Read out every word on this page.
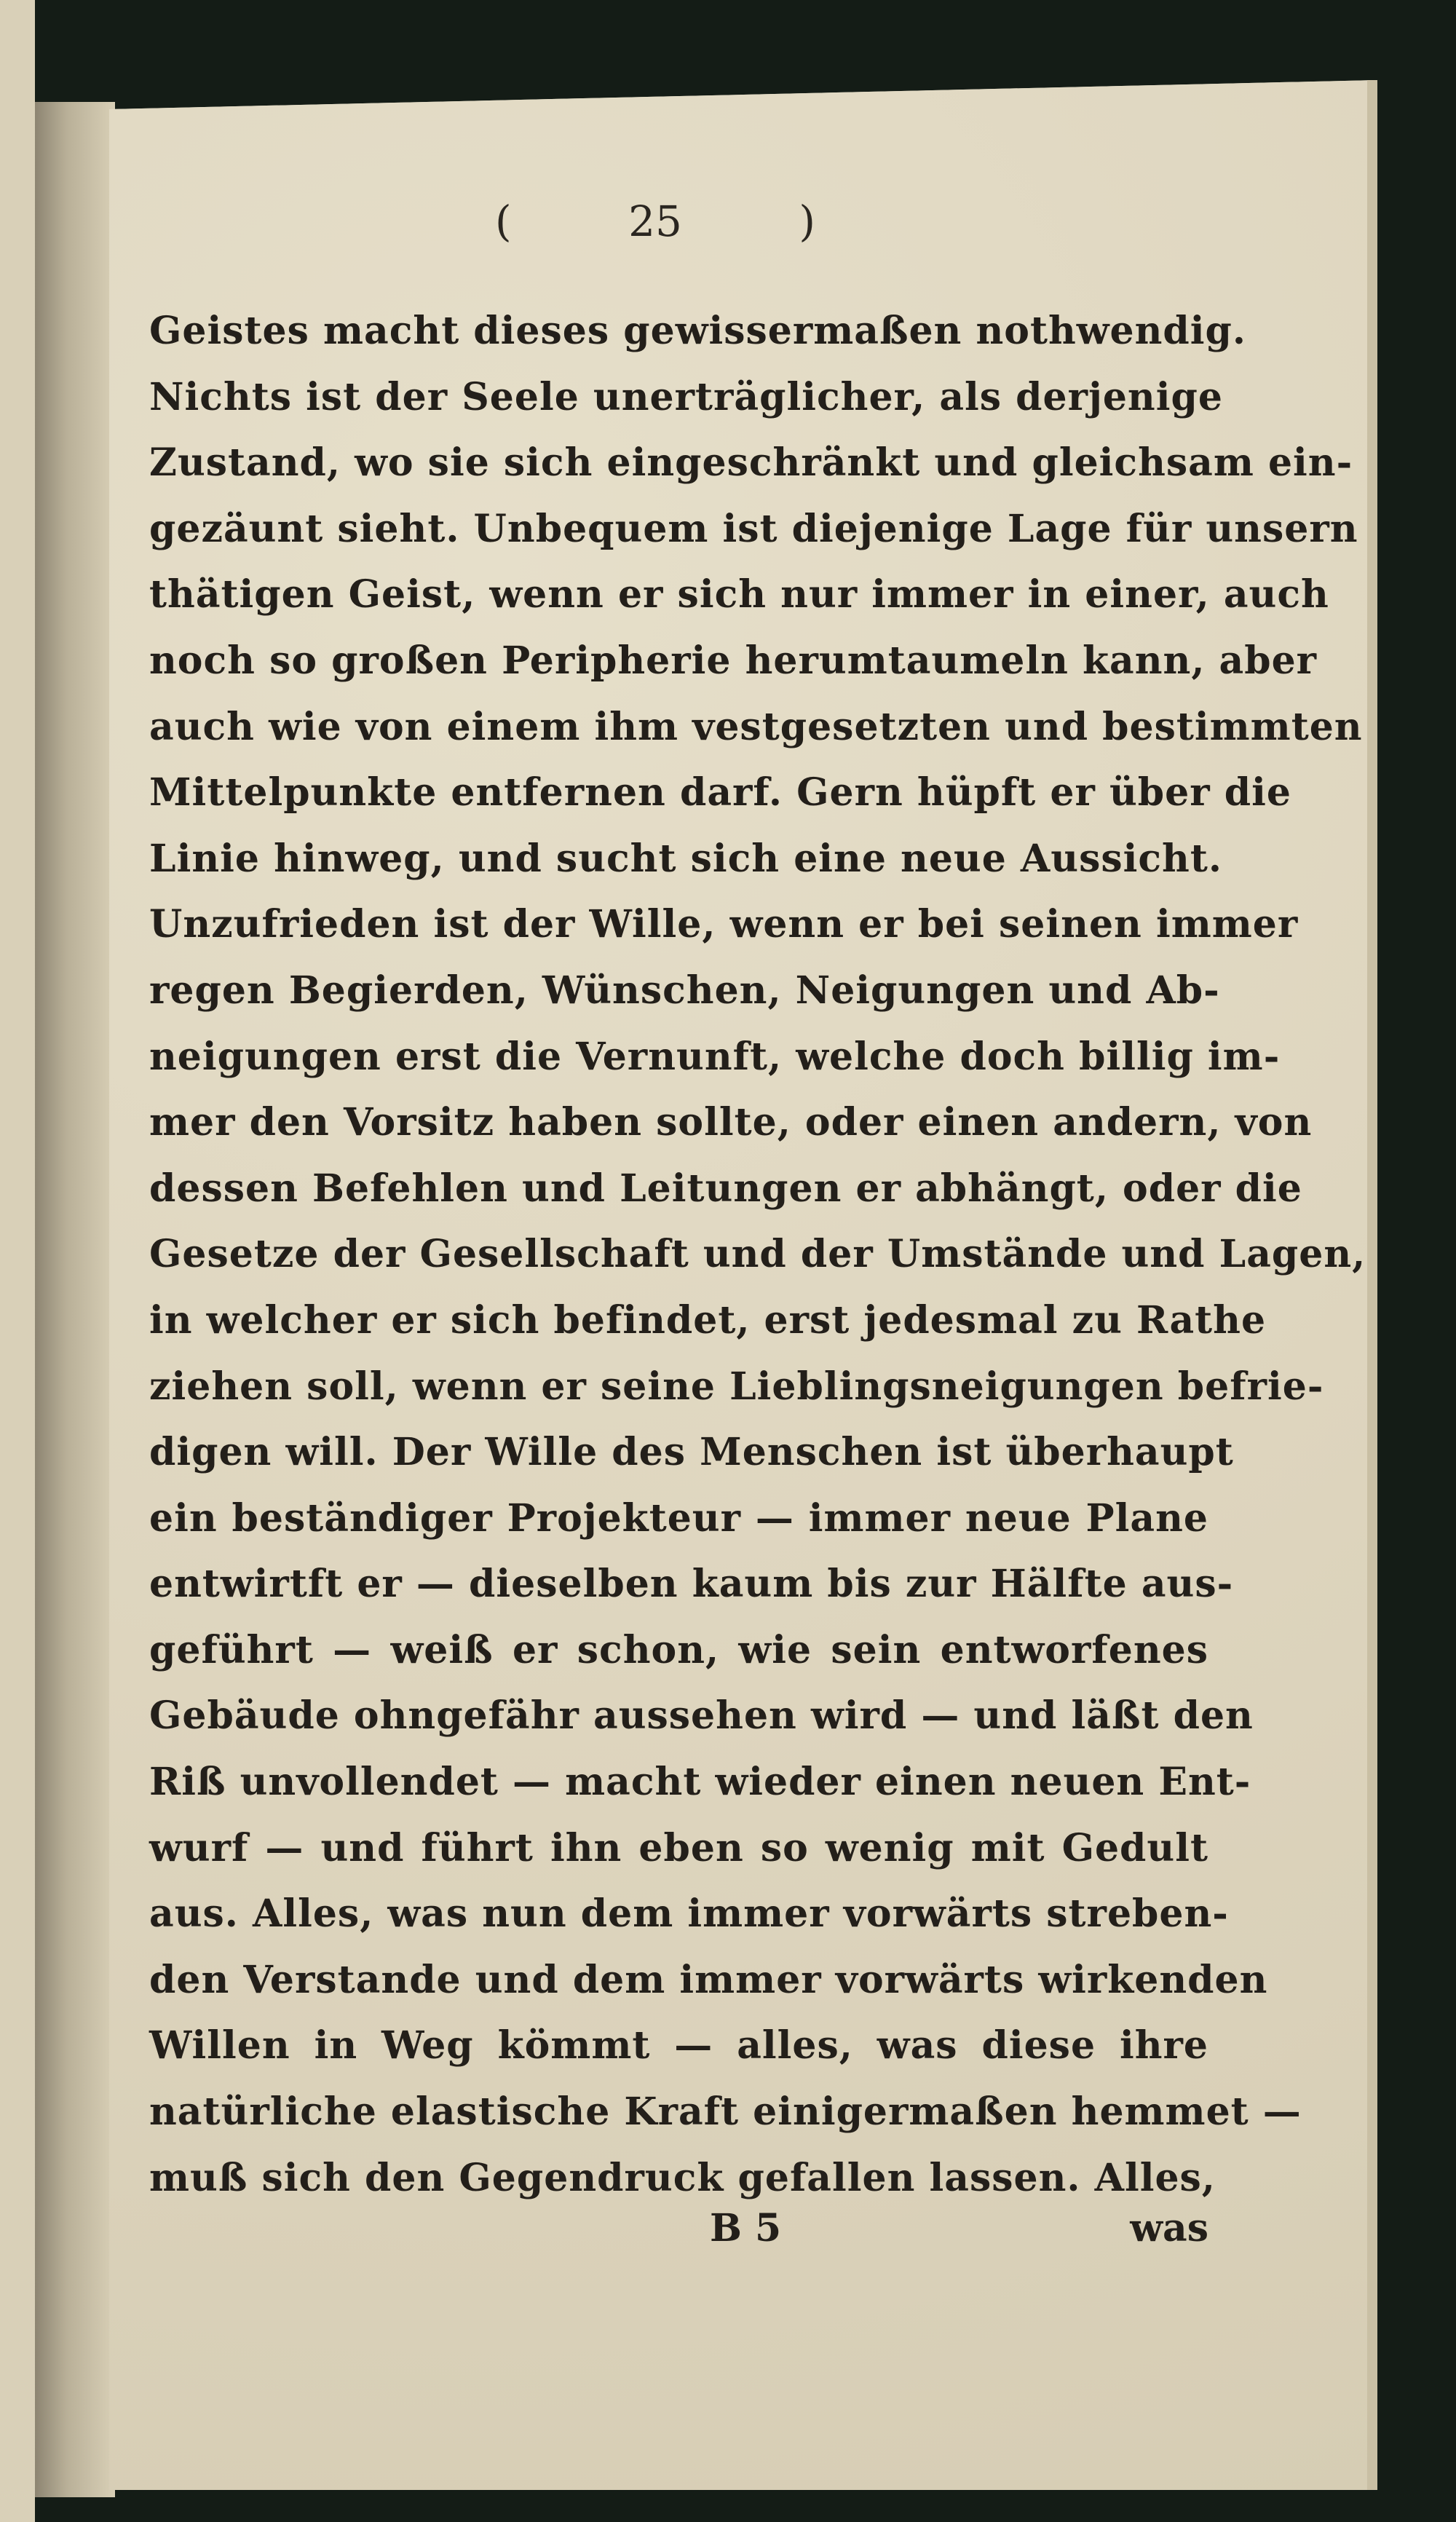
(	25	)
Geistes macht dieses gewissermaßen nothwendig.
Nichts ist der Seele unerträglicher, als derjenige
Zustand, wo sie sich eingeschränkt und gleichsam ein-
gezäunt sieht. Unbequem ist diejenige Lage für unsern
thätigen Geist, wenn er sich nur immer in einer, auch
noch so großen Peripherie herumtaumeln kann, aber
auch wie von einem ihm vestgesetzten und bestimmten
Mittelpunkte entfernen darf. Gern hüpft er über die
Linie hinweg, und sucht sich eine neue Aussicht.
Unzufrieden ist der Wille, wenn er bei seinen immer
regen Begierden, Wünschen, Neigungen und Ab-
neigungen erst die Vernunft, welche doch billig im-
mer den Vorsitz haben sollte, oder einen andern, von
dessen Befehlen und Leitungen er abhängt, oder die
Gesetze der Gesellschaft und der Umstände und Lagen,
in welcher er sich befindet, erst jedesmal zu Rathe
ziehen soll, wenn er seine Lieblingsneigungen befrie-
digen will. Der Wille des Menschen ist überhaupt
ein beständiger Projekteur — immer neue Plane
entwirtft er — dieselben kaum bis zur Hälfte aus-
geführt — weiß er schon, wie sein entworfenes
Gebäude ohngefähr aussehen wird — und läßt den
Riß unvollendet — macht wieder einen neuen Ent-
wurf — und führt ihn eben so wenig mit Gedult
aus. Alles, was nun dem immer vorwärts streben-
den Verstande und dem immer vorwärts wirkenden
Willen in Weg kömmt — alles, was diese ihre
natürliche elastische Kraft einigermaßen hemmet —
muß sich den Gegendruck gefallen lassen. Alles,
B 5	was
